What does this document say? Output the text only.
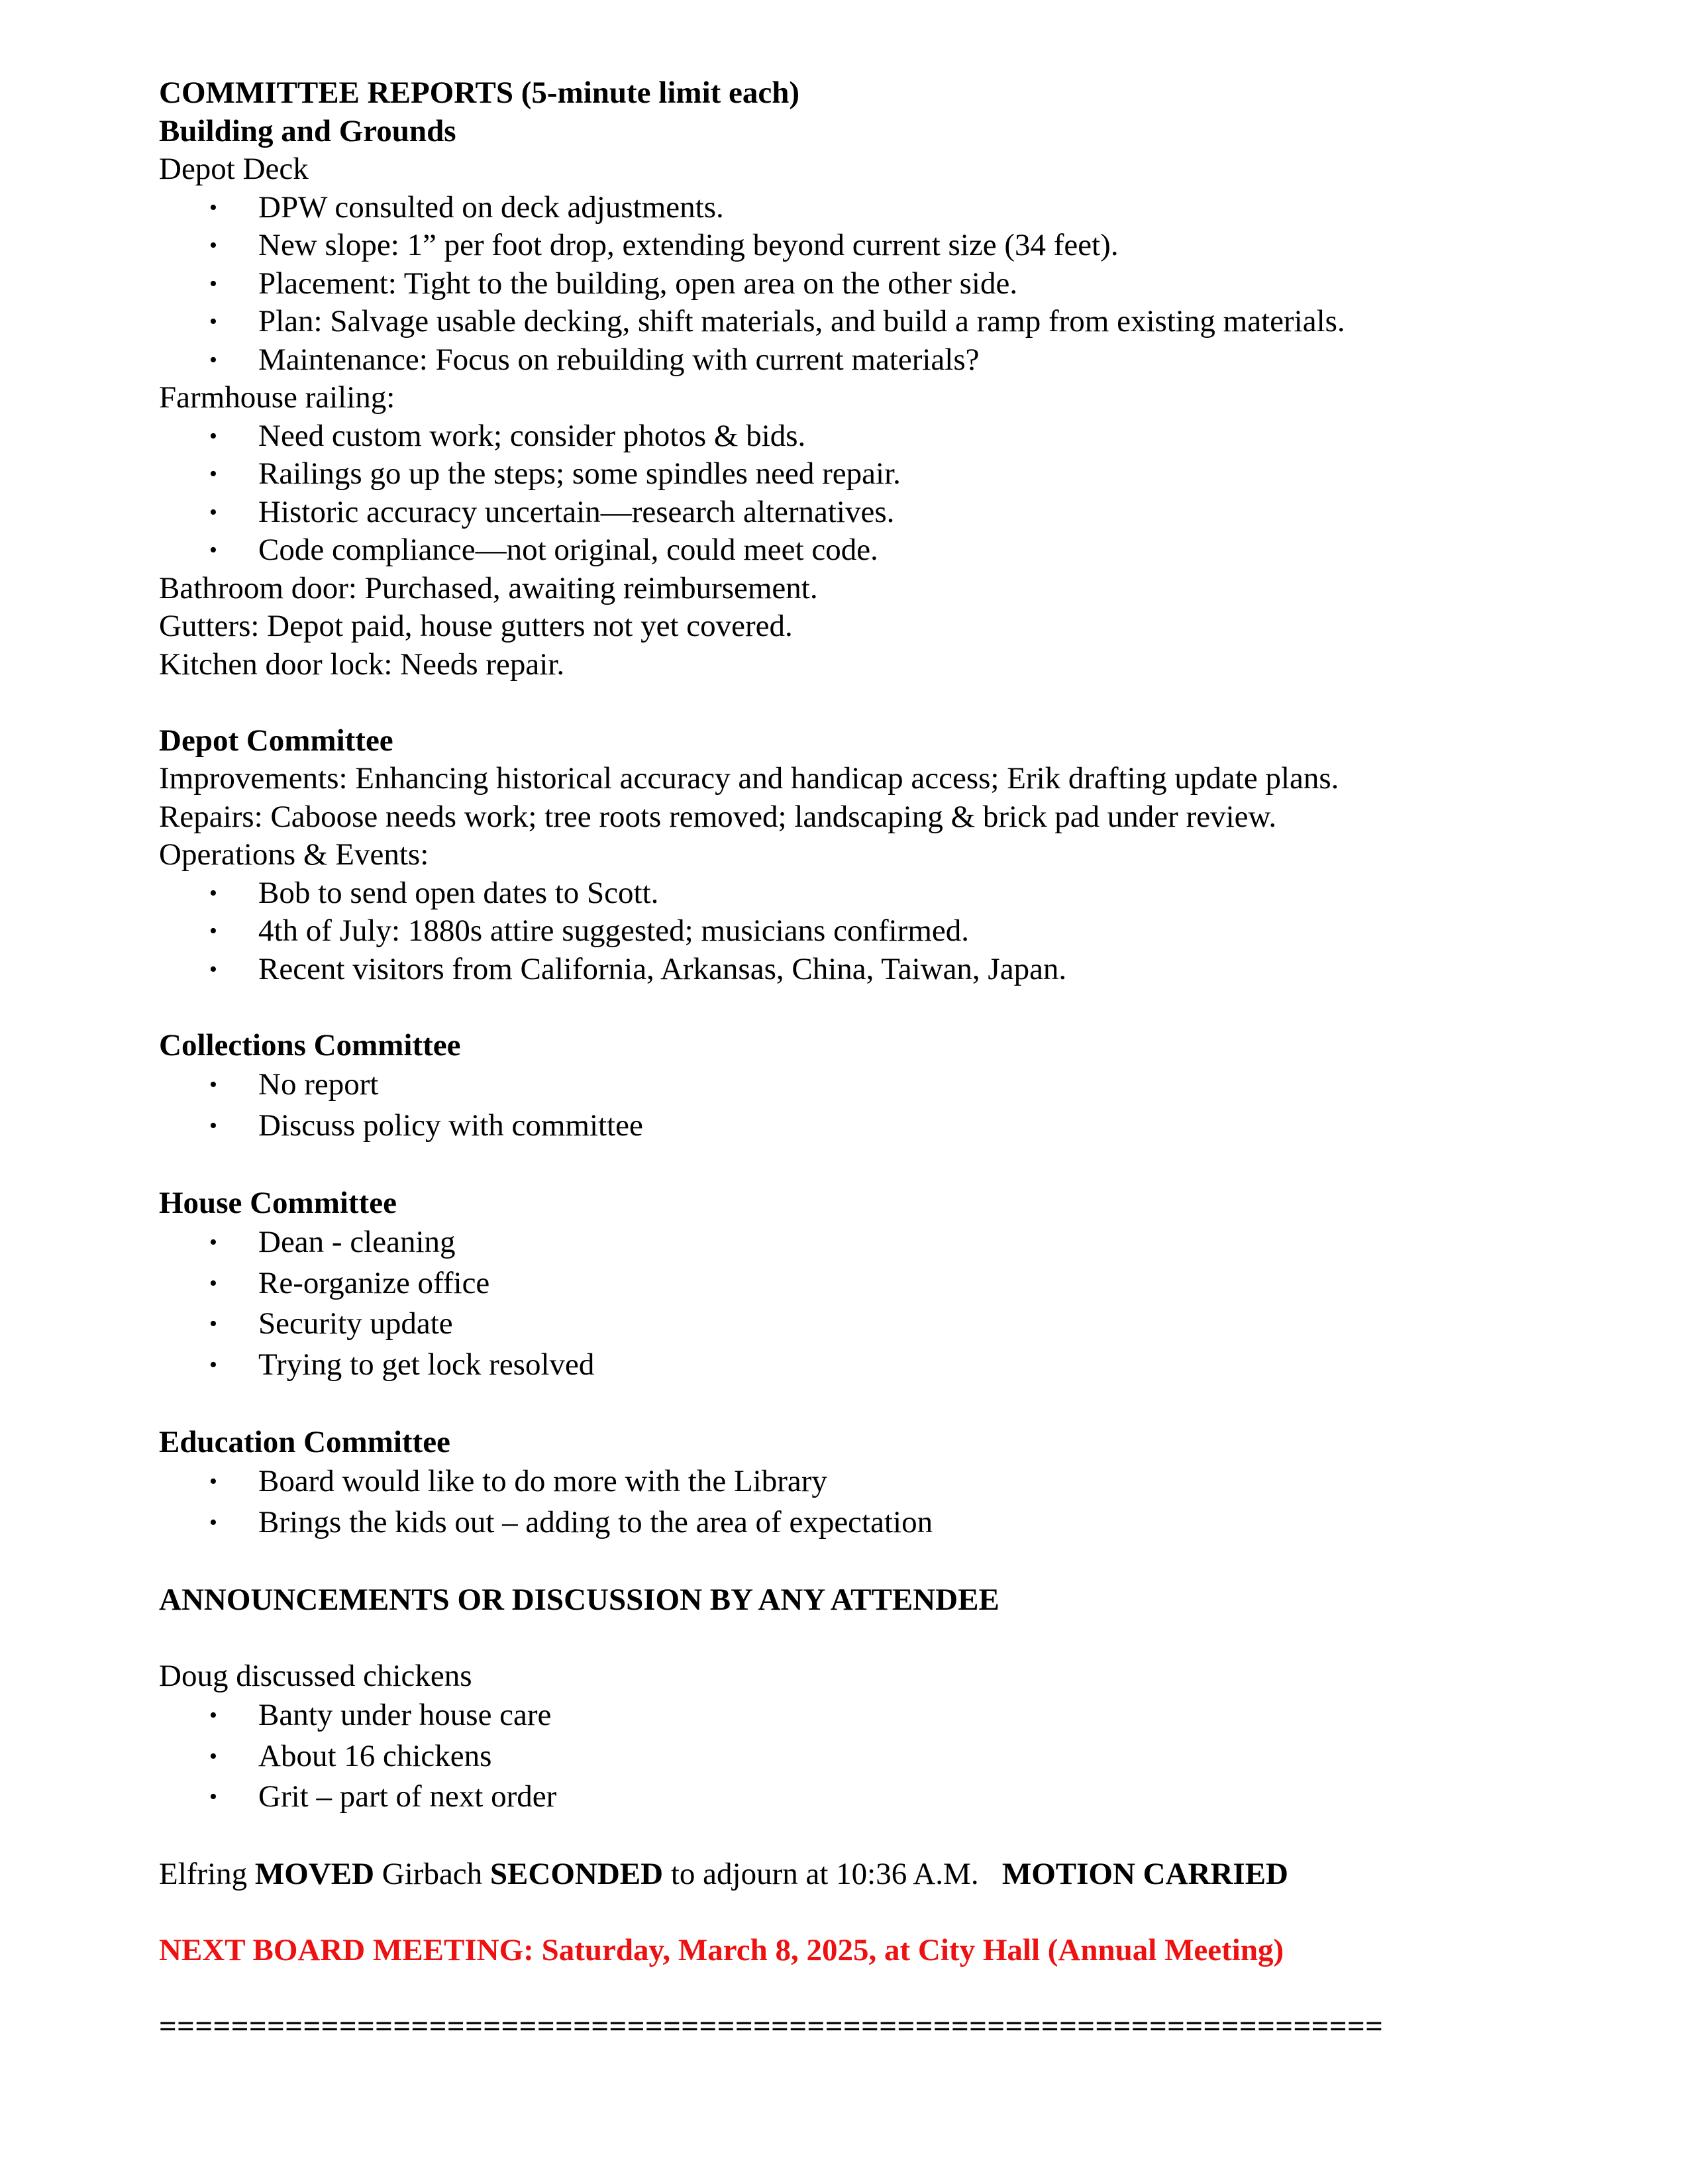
COMMITTEE REPORTS (5-minute limit each)
Building and Grounds
Depot Deck
• DPW consulted on deck adjustments.
• New slope: 1” per foot drop, extending beyond current size (34 feet).
• Placement: Tight to the building, open area on the other side.
• Plan: Salvage usable decking, shift materials, and build a ramp from existing materials.
• Maintenance: Focus on rebuilding with current materials?
Farmhouse railing:
• Need custom work; consider photos & bids.
• Railings go up the steps; some spindles need repair.
• Historic accuracy uncertain—research alternatives.
• Code compliance—not original, could meet code.
Bathroom door: Purchased, awaiting reimbursement.
Gutters: Depot paid, house gutters not yet covered.
Kitchen door lock: Needs repair.
Depot Committee
Improvements: Enhancing historical accuracy and handicap access; Erik drafting update plans.
Repairs: Caboose needs work; tree roots removed; landscaping & brick pad under review.
Operations & Events:
• Bob to send open dates to Scott.
• 4th of July: 1880s attire suggested; musicians confirmed.
• Recent visitors from California, Arkansas, China, Taiwan, Japan.
Collections Committee
• No report
• Discuss policy with committee
House Committee
• Dean - cleaning
• Re-organize office
• Security update
• Trying to get lock resolved
Education Committee
• Board would like to do more with the Library
• Brings the kids out – adding to the area of expectation
ANNOUNCEMENTS OR DISCUSSION BY ANY ATTENDEE
Doug discussed chickens
• Banty under house care
• About 16 chickens
• Grit – part of next order
Elfring MOVED Girbach SECONDED to adjourn at 10:36 A.M. MOTION CARRIED
NEXT BOARD MEETING: Saturday, March 8, 2025, at City Hall (Annual Meeting)
====================================================================
